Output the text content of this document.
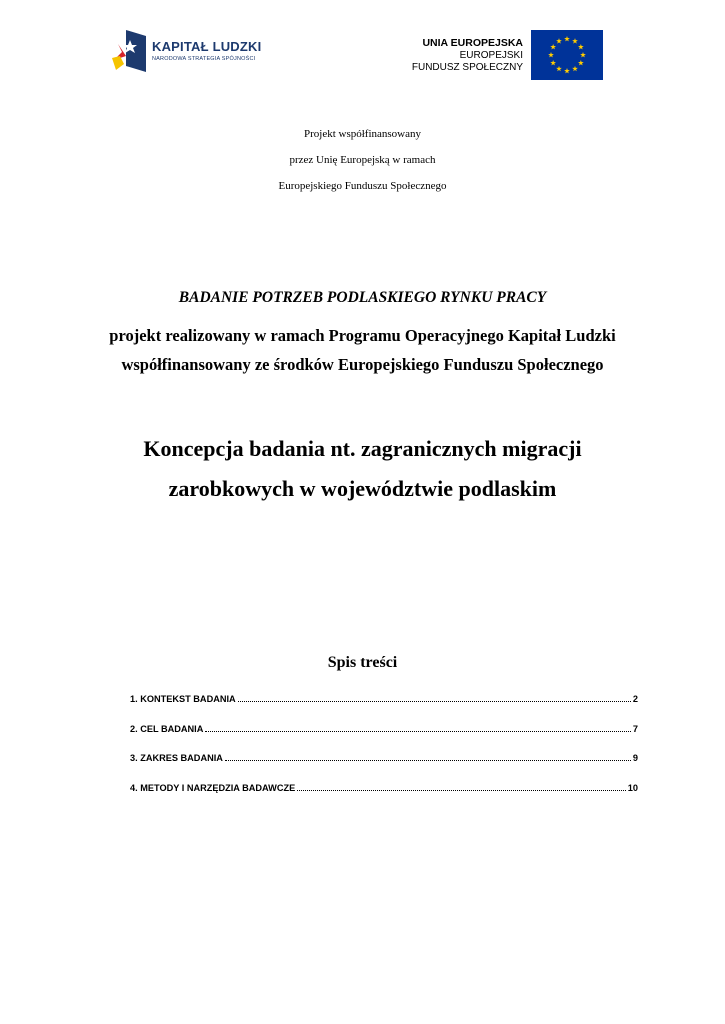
KAPITAŁ LUDZKI
NARODOWA STRATEGIA SPÓJNOŚCI
UNIA EUROPEJSKA
EUROPEJSKI
FUNDUSZ SPOŁECZNY
Projekt współfinansowany
przez Unię Europejską w ramach
Europejskiego Funduszu Społecznego
BADANIE POTRZEB PODLASKIEGO RYNKU PRACY
projekt realizowany w ramach Programu Operacyjnego Kapitał Ludzki
współfinansowany ze środków Europejskiego Funduszu Społecznego
Koncepcja badania nt. zagranicznych migracji
zarobkowych w województwie podlaskim
Spis treści
1. KONTEKST BADANIA	2
2. CEL BADANIA	7
3. ZAKRES BADANIA	9
4. METODY I NARZĘDZIA BADAWCZE	10
